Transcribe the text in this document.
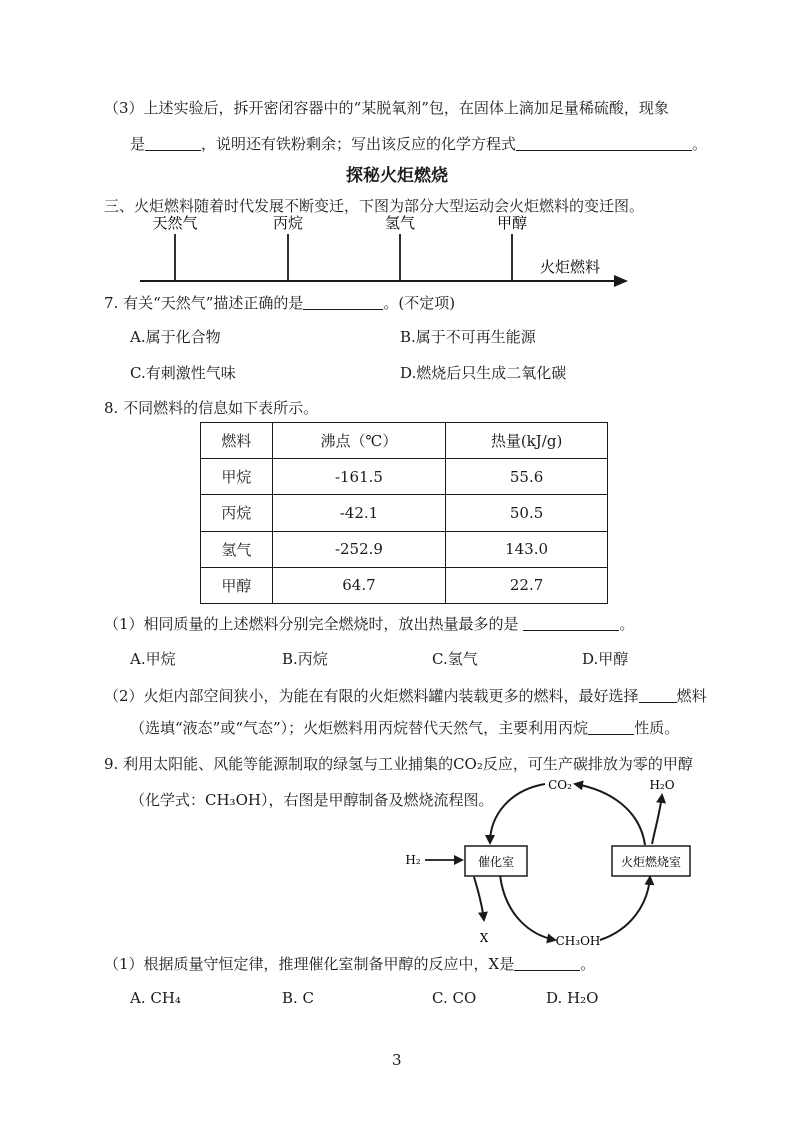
（3）上述实验后，拆开密闭容器中的“某脱氧剂”包，在固体上滴加足量稀硫酸，现象
是	，说明还有铁粉剩余；写出该反应的化学方程式	。
探秘火炬燃烧
三、火炬燃料随着时代发展不断变迁，下图为部分大型运动会火炬燃料的变迁图。
天然气	丙烷	氢气	甲醇
火炬燃料
7. 有关“天然气”描述正确的是	。(不定项)
A.属于化合物	B.属于不可再生能源
C.有刺激性气味	D.燃烧后只生成二氧化碳
8. 不同燃料的信息如下表所示。
燃料	沸点（℃）	热量(kJ/g)
甲烷	-161.5	55.6
丙烷	-42.1	50.5
氢气	-252.9	143.0
甲醇	64.7	22.7
（1）相同质量的上述燃料分别完全燃烧时，放出热量最多的是	。
A.甲烷	B.丙烷	C.氢气	D.甲醇
（2）火炬内部空间狭小，为能在有限的火炬燃料罐内装载更多的燃料，最好选择	燃料
（选填“液态”或“气态”）；火炬燃料用丙烷替代天然气，主要利用丙烷	性质。
9. 利用太阳能、风能等能源制取的绿氢与工业捕集的CO₂反应，可生产碳排放为零的甲醇
（化学式：CH₃OH），右图是甲醇制备及燃烧流程图。
催化室	火炬燃烧室
CO₂	H₂O
H₂
X	CH₃OH
（1）根据质量守恒定律，推理催化室制备甲醇的反应中，X是	。
A. CH₄	B. C	C. CO	D. H₂O
3
